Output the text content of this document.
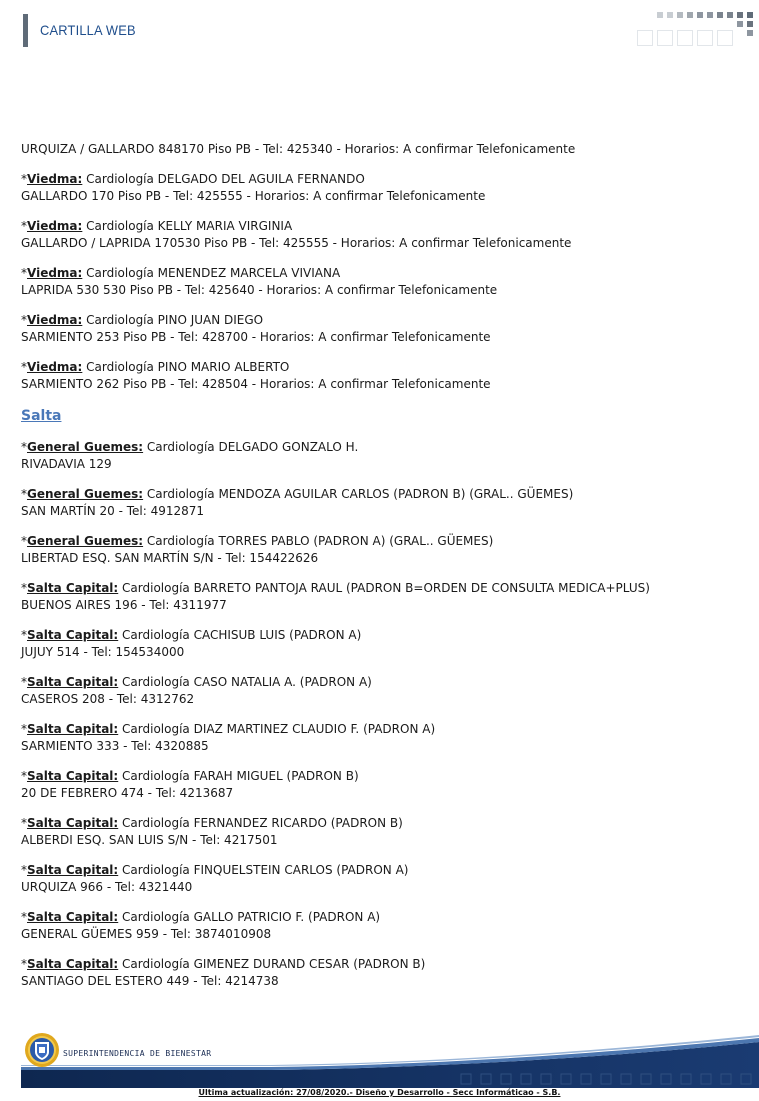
CARTILLA WEB
URQUIZA / GALLARDO 848170 Piso PB - Tel: 425340 - Horarios: A confirmar Telefonicamente
*Viedma: Cardiología DELGADO DEL AGUILA FERNANDO
GALLARDO 170 Piso PB - Tel: 425555 - Horarios: A confirmar Telefonicamente
*Viedma: Cardiología KELLY MARIA VIRGINIA
GALLARDO / LAPRIDA 170530 Piso PB - Tel: 425555 - Horarios: A confirmar Telefonicamente
*Viedma: Cardiología MENENDEZ MARCELA VIVIANA
LAPRIDA 530 530 Piso PB - Tel: 425640 - Horarios: A confirmar Telefonicamente
*Viedma: Cardiología PINO JUAN DIEGO
SARMIENTO 253 Piso PB - Tel: 428700 - Horarios: A confirmar Telefonicamente
*Viedma: Cardiología PINO MARIO ALBERTO
SARMIENTO 262 Piso PB - Tel: 428504 - Horarios: A confirmar Telefonicamente
Salta
*General Guemes: Cardiología DELGADO GONZALO H.
RIVADAVIA 129
*General Guemes: Cardiología MENDOZA AGUILAR CARLOS (PADRON B) (GRAL.. GÜEMES)
SAN MARTÍN 20 - Tel: 4912871
*General Guemes: Cardiología TORRES PABLO (PADRON A) (GRAL.. GÜEMES)
LIBERTAD ESQ. SAN MARTÍN S/N - Tel: 154422626
*Salta Capital: Cardiología BARRETO PANTOJA RAUL (PADRON B=ORDEN DE CONSULTA MEDICA+PLUS)
BUENOS AIRES 196 - Tel: 4311977
*Salta Capital: Cardiología CACHISUB LUIS (PADRON A)
JUJUY 514 - Tel: 154534000
*Salta Capital: Cardiología CASO NATALIA A. (PADRON A)
CASEROS 208 - Tel: 4312762
*Salta Capital: Cardiología DIAZ MARTINEZ CLAUDIO F. (PADRON A)
SARMIENTO 333 - Tel: 4320885
*Salta Capital: Cardiología FARAH MIGUEL (PADRON B)
20 DE FEBRERO 474 - Tel: 4213687
*Salta Capital: Cardiología FERNANDEZ RICARDO (PADRON B)
ALBERDI ESQ. SAN LUIS S/N - Tel: 4217501
*Salta Capital: Cardiología FINQUELSTEIN CARLOS (PADRON A)
URQUIZA 966 - Tel: 4321440
*Salta Capital: Cardiología GALLO PATRICIO F. (PADRON A)
GENERAL GÜEMES 959 - Tel: 3874010908
*Salta Capital: Cardiología GIMENEZ DURAND CESAR (PADRON B)
SANTIAGO DEL ESTERO 449 - Tel: 4214738
SUPERINTENDENCIA DE BIENESTAR
Ultima actualización: 27/08/2020.- Diseño y Desarrollo - Secc Informáticao - S.B.
